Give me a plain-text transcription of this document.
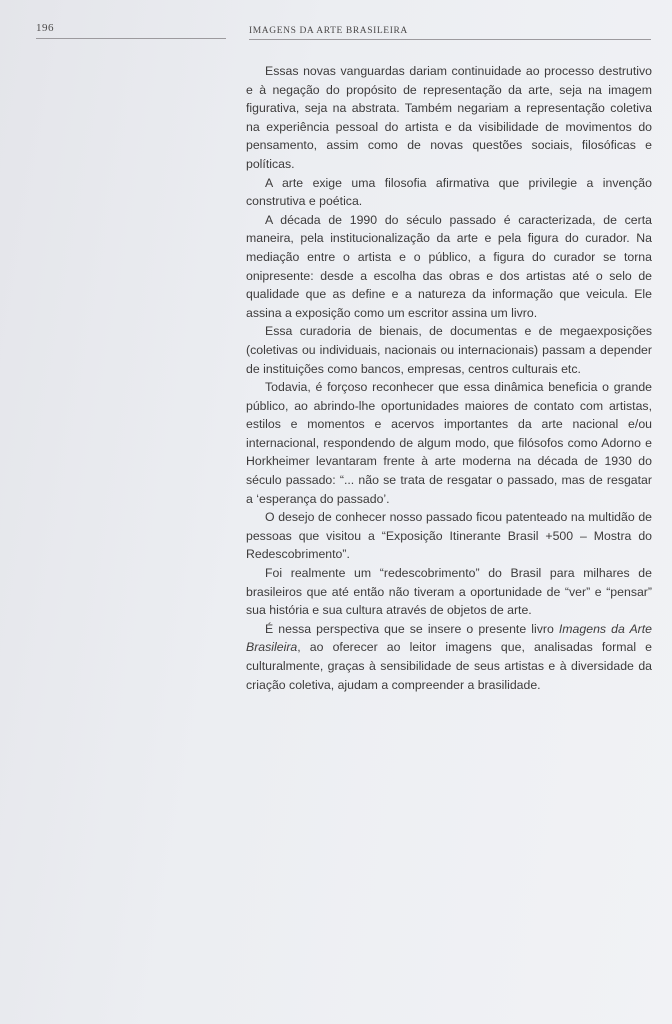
196	IMAGENS DA ARTE BRASILEIRA

Essas novas vanguardas dariam continuidade ao processo destrutivo e à negação do propósito de representação da arte, seja na imagem figurativa, seja na abstrata. Também negariam a representação coletiva na experiência pessoal do artista e da visibilidade de movimentos do pensamento, assim como de novas questões sociais, filosóficas e políticas.

A arte exige uma filosofia afirmativa que privilegie a invenção construtiva e poética.

A década de 1990 do século passado é caracterizada, de certa maneira, pela institucionalização da arte e pela figura do curador. Na mediação entre o artista e o público, a figura do curador se torna onipresente: desde a escolha das obras e dos artistas até o selo de qualidade que as define e a natureza da informação que veicula. Ele assina a exposição como um escritor assina um livro.

Essa curadoria de bienais, de documentas e de megaexposições (coletivas ou individuais, nacionais ou internacionais) passam a depender de instituições como bancos, empresas, centros culturais etc.

Todavia, é forçoso reconhecer que essa dinâmica beneficia o grande público, ao abrindo-lhe oportunidades maiores de contato com artistas, estilos e momentos e acervos importantes da arte nacional e/ou internacional, respondendo de algum modo, que filósofos como Adorno e Horkheimer levantaram frente à arte moderna na década de 1930 do século passado: “... não se trata de resgatar o passado, mas de resgatar a ‘esperança do passado’.

O desejo de conhecer nosso passado ficou patenteado na multidão de pessoas que visitou a “Exposição Itinerante Brasil +500 – Mostra do Redescobrimento”.

Foi realmente um “redescobrimento” do Brasil para milhares de brasileiros que até então não tiveram a oportunidade de “ver” e “pensar” sua história e sua cultura através de objetos de arte.

É nessa perspectiva que se insere o presente livro Imagens da Arte Brasileira, ao oferecer ao leitor imagens que, analisadas formal e culturalmente, graças à sensibilidade de seus artistas e à diversidade da criação coletiva, ajudam a compreender a brasilidade.
